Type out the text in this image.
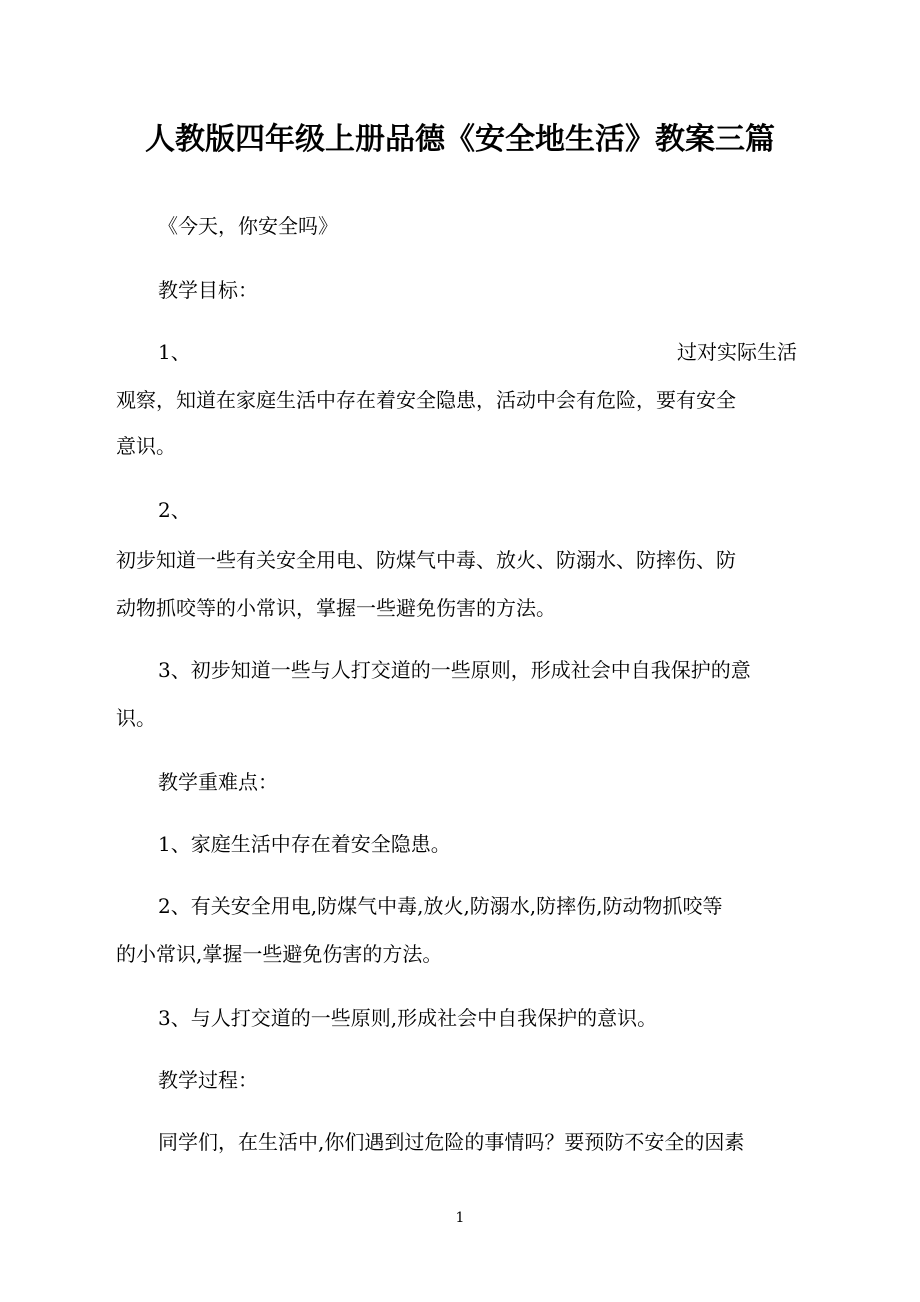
人教版四年级上册品德《安全地生活》教案三篇
《今天，你安全吗》
教学目标：
1、	过对实际生活
观察，知道在家庭生活中存在着安全隐患，活动中会有危险，要有安全
意识。
2、
初步知道一些有关安全用电、防煤气中毒、放火、防溺水、防摔伤、防
动物抓咬等的小常识，掌握一些避免伤害的方法。
3、初步知道一些与人打交道的一些原则，形成社会中自我保护的意
识。
教学重难点：
1、家庭生活中存在着安全隐患。
2、有关安全用电,防煤气中毒,放火,防溺水,防摔伤,防动物抓咬等
的小常识,掌握一些避免伤害的方法。
3、与人打交道的一些原则,形成社会中自我保护的意识。
教学过程：
同学们，在生活中,你们遇到过危险的事情吗？要预防不安全的因素
1
